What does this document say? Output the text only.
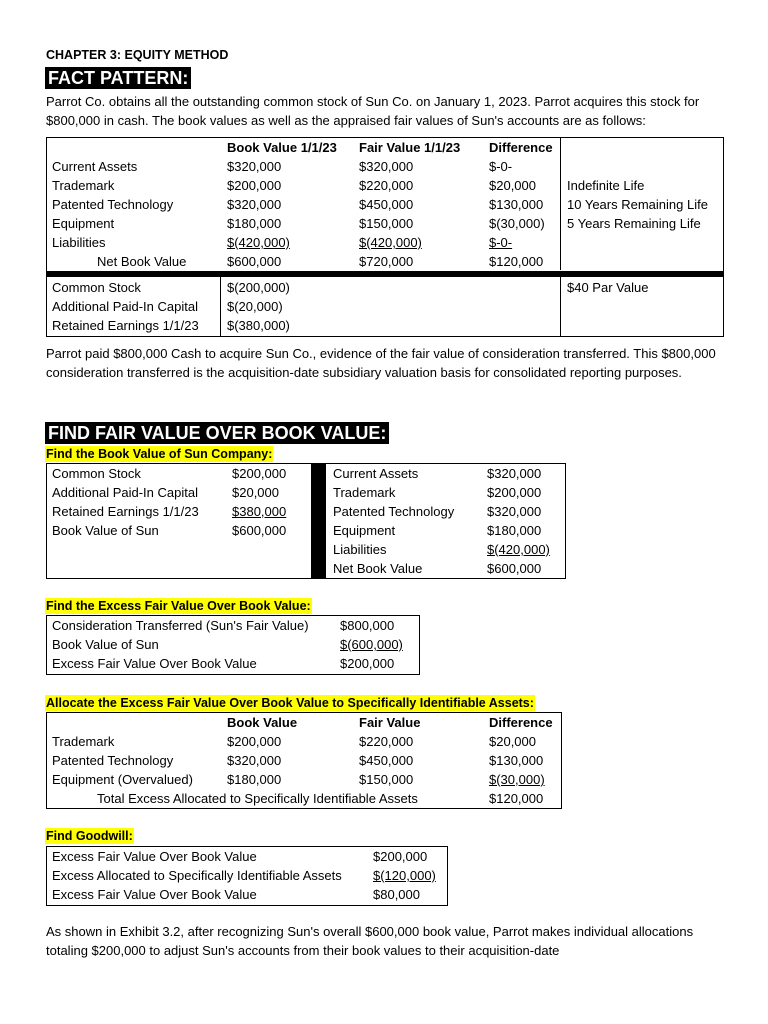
CHAPTER 3: EQUITY METHOD
FACT PATTERN:
Parrot Co. obtains all the outstanding common stock of Sun Co. on January 1, 2023. Parrot acquires this stock for $800,000 in cash. The book values as well as the appraised fair values of Sun's accounts are as follows:
Book Value 1/1/23 Fair Value 1/1/23 Difference
Current Assets	$320,000	$320,000	$-0-
Trademark	$200,000	$220,000	$20,000 Indefinite Life
Patented Technology	$320,000	$450,000	$130,000 10 Years Remaining Life
Equipment	$180,000	$150,000	$(30,000) 5 Years Remaining Life
Liabilities	$(420,000)	$(420,000)	$-0-
Net Book Value	$600,000	$720,000	$120,000
Common Stock	$(200,000)	$40 Par Value
Additional Paid-In Capital $(20,000)
Retained Earnings 1/1/23 $(380,000)
Parrot paid $800,000 Cash to acquire Sun Co., evidence of the fair value of consideration transferred. This $800,000 consideration transferred is the acquisition-date subsidiary valuation basis for consolidated reporting purposes.
FIND FAIR VALUE OVER BOOK VALUE:
Find the Book Value of Sun Company:
Common Stock	$200,000
Additional Paid-In Capital	$20,000
Retained Earnings 1/1/23	$380,000
Book Value of Sun	$600,000
Current Assets	$320,000
Trademark	$200,000
Patented Technology	$320,000
Equipment	$180,000
Liabilities	$(420,000)
Net Book Value	$600,000
Find the Excess Fair Value Over Book Value:
Consideration Transferred (Sun's Fair Value) $800,000
Book Value of Sun	$(600,000)
Excess Fair Value Over Book Value	$200,000
Allocate the Excess Fair Value Over Book Value to Specifically Identifiable Assets:
Book Value	Fair Value	Difference
Trademark	$200,000	$220,000	$20,000
Patented Technology	$320,000	$450,000	$130,000
Equipment (Overvalued)	$180,000	$150,000	$(30,000)
Total Excess Allocated to Specifically Identifiable Assets	$120,000
Find Goodwill:
Excess Fair Value Over Book Value	$200,000
Excess Allocated to Specifically Identifiable Assets $(120,000)
Excess Fair Value Over Book Value	$80,000
As shown in Exhibit 3.2, after recognizing Sun's overall $600,000 book value, Parrot makes individual allocations totaling $200,000 to adjust Sun's accounts from their book values to their acquisition-date
